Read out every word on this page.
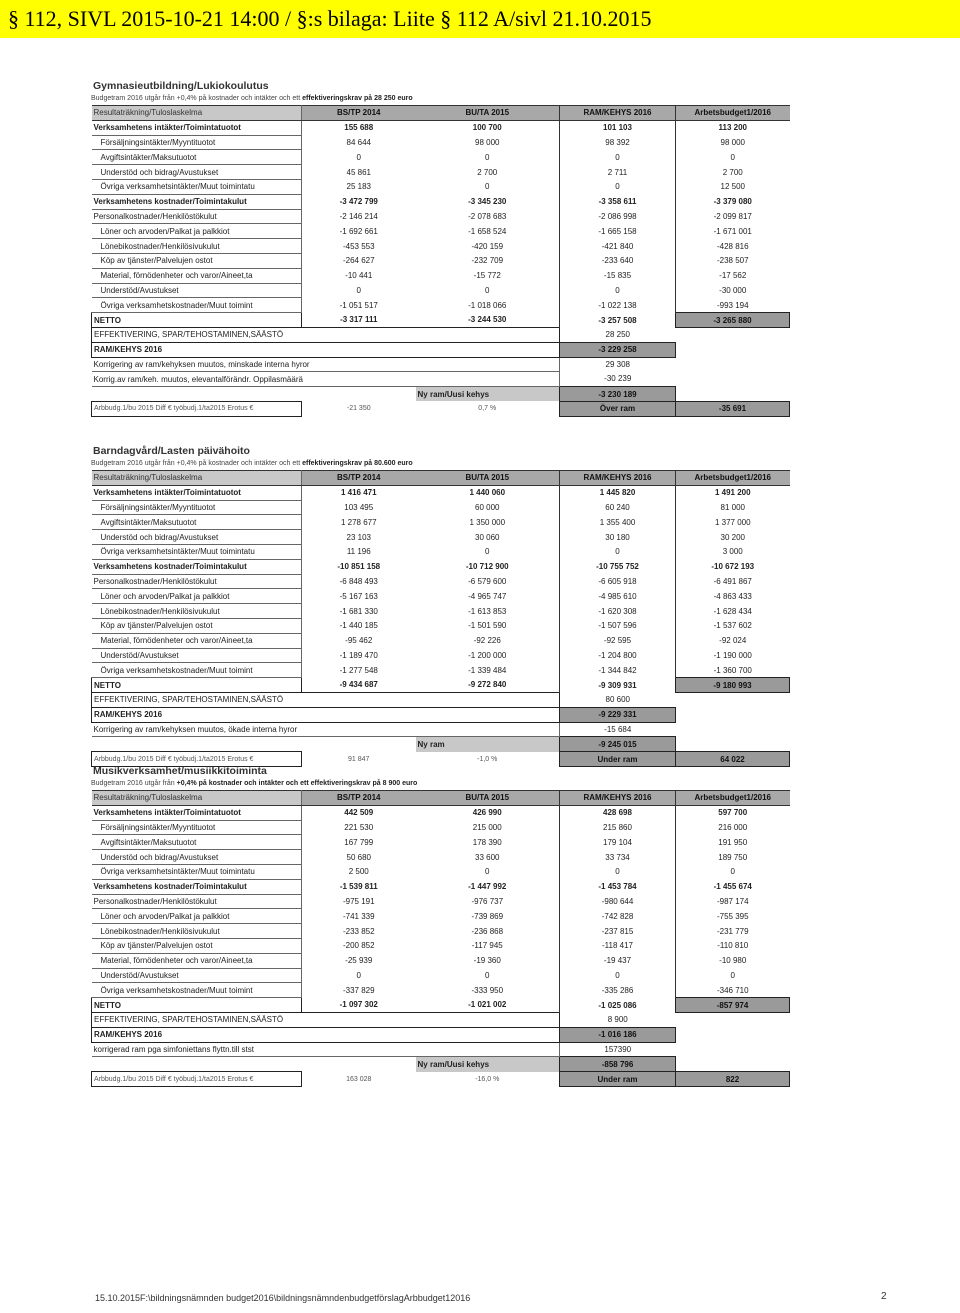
§ 112, SIVL 2015-10-21 14:00 / §:s bilaga: Liite § 112 A/sivl 21.10.2015
Gymnasieutbildning/Lukiokoulutus
Budgetram 2016 utgår från +0,4% på kostnader och intäkter och ett effektiveringskrav på 28 250 euro
Resultaträkning/Tuloslaskelma	BS/TP 2014	BU/TA 2015	RAM/KEHYS 2016	Arbetsbudget1/2016
Verksamhetens intäkter/Toimintatuotot	155 688	100 700	101 103	113 200
Försäljningsintäkter/Myyntituotot	84 644	98 000	98 392	98 000
Avgiftsintäkter/Maksutuotot	0	0	0	0
Understöd och bidrag/Avustukset	45 861	2 700	2 711	2 700
Övriga verksamhetsintäkter/Muut toimintatu	25 183	0	0	12 500
Verksamhetens kostnader/Toimintakulut	-3 472 799	-3 345 230	-3 358 611	-3 379 080
Personalkostnader/Henkilöstökulut	-2 146 214	-2 078 683	-2 086 998	-2 099 817
Löner och arvoden/Palkat ja palkkiot	-1 692 661	-1 658 524	-1 665 158	-1 671 001
Lönebikostnader/Henkilösivukulut	-453 553	-420 159	-421 840	-428 816
Köp av tjänster/Palvelujen ostot	-264 627	-232 709	-233 640	-238 507
Material, förnödenheter och varor/Aineet,ta	-10 441	-15 772	-15 835	-17 562
Understöd/Avustukset	0	0	0	-30 000
Övriga verksamhetskostnader/Muut toimint	-1 051 517	-1 018 066	-1 022 138	-993 194
NETTO	-3 317 111	-3 244 530	-3 257 508	-3 265 880
EFFEKTIVERING, SPAR/TEHOSTAMINEN,SÄÄSTÖ			28 250	
RAM/KEHYS 2016			-3 229 258	
Korrigering av ram/kehyksen muutos, minskade interna hyror			29 308	
Korrig.av ram/keh. muutos, elevantalförändr. Oppilasmäärä			-30 239	
		Ny ram/Uusi kehys	-3 230 189	
Arbbudg.1/bu 2015 Diff € työbudj.1/ta2015 Erotus €	-21 350	0,7 %	Över ram	-35 691
Barndagvård/Lasten päivähoito
Budgetram 2016 utgår från +0,4% på kostnader och intäkter och ett effektiveringskrav på 80.600 euro
Resultaträkning/Tuloslaskelma	BS/TP 2014	BU/TA 2015	RAM/KEHYS 2016	Arbetsbudget1/2016
Verksamhetens intäkter/Toimintatuotot	1 416 471	1 440 060	1 445 820	1 491 200
Försäljningsintäkter/Myyntituotot	103 495	60 000	60 240	81 000
Avgiftsintäkter/Maksutuotot	1 278 677	1 350 000	1 355 400	1 377 000
Understöd och bidrag/Avustukset	23 103	30 060	30 180	30 200
Övriga verksamhetsintäkter/Muut toimintatu	11 196	0	0	3 000
Verksamhetens kostnader/Toimintakulut	-10 851 158	-10 712 900	-10 755 752	-10 672 193
Personalkostnader/Henkilöstökulut	-6 848 493	-6 579 600	-6 605 918	-6 491 867
Löner och arvoden/Palkat ja palkkiot	-5 167 163	-4 965 747	-4 985 610	-4 863 433
Lönebikostnader/Henkilösivukulut	-1 681 330	-1 613 853	-1 620 308	-1 628 434
Köp av tjänster/Palvelujen ostot	-1 440 185	-1 501 590	-1 507 596	-1 537 602
Material, förnödenheter och varor/Aineet,ta	-95 462	-92 226	-92 595	-92 024
Understöd/Avustukset	-1 189 470	-1 200 000	-1 204 800	-1 190 000
Övriga verksamhetskostnader/Muut toimint	-1 277 548	-1 339 484	-1 344 842	-1 360 700
NETTO	-9 434 687	-9 272 840	-9 309 931	-9 180 993
EFFEKTIVERING, SPAR/TEHOSTAMINEN,SÄÄSTÖ			80 600	
RAM/KEHYS 2016			-9 229 331	
Korrigering av ram/kehyksen muutos, ökade interna hyror			-15 684	
		Ny ram	-9 245 015	
Arbbudg.1/bu 2015 Diff € työbudj.1/ta2015 Erotus €	91 847	-1,0 %	Under ram	64 022
Musikverksamhet/musiikkitoiminta
Budgetram 2016 utgår från +0,4% på kostnader och intäkter och ett effektiveringskrav på 8 900 euro
Resultaträkning/Tuloslaskelma	BS/TP 2014	BU/TA 2015	RAM/KEHYS 2016	Arbetsbudget1/2016
Verksamhetens intäkter/Toimintatuotot	442 509	426 990	428 698	597 700
Försäljningsintäkter/Myyntituotot	221 530	215 000	215 860	216 000
Avgiftsintäkter/Maksutuotot	167 799	178 390	179 104	191 950
Understöd och bidrag/Avustukset	50 680	33 600	33 734	189 750
Övriga verksamhetsintäkter/Muut toimintatu	2 500	0	0	0
Verksamhetens kostnader/Toimintakulut	-1 539 811	-1 447 992	-1 453 784	-1 455 674
Personalkostnader/Henkilöstökulut	-975 191	-976 737	-980 644	-987 174
Löner och arvoden/Palkat ja palkkiot	-741 339	-739 869	-742 828	-755 395
Lönebikostnader/Henkilösivukulut	-233 852	-236 868	-237 815	-231 779
Köp av tjänster/Palvelujen ostot	-200 852	-117 945	-118 417	-110 810
Material, förnödenheter och varor/Aineet,ta	-25 939	-19 360	-19 437	-10 980
Understöd/Avustukset	0	0	0	0
Övriga verksamhetskostnader/Muut toimint	-337 829	-333 950	-335 286	-346 710
NETTO	-1 097 302	-1 021 002	-1 025 086	-857 974
EFFEKTIVERING, SPAR/TEHOSTAMINEN,SÄÄSTÖ			8 900	
RAM/KEHYS 2016			-1 016 186	
korrigerad ram pga simfoniettans flyttn.till stst			157390	
		Ny ram/Uusi kehys	-858 796	
Arbbudg.1/bu 2015 Diff € työbudj.1/ta2015 Erotus €	163 028	-16,0 %	Under ram	822
15.10.2015F:\bildningsnämnden budget2016\bildningsnämndenbudgetförslagArbbudget12016	2
